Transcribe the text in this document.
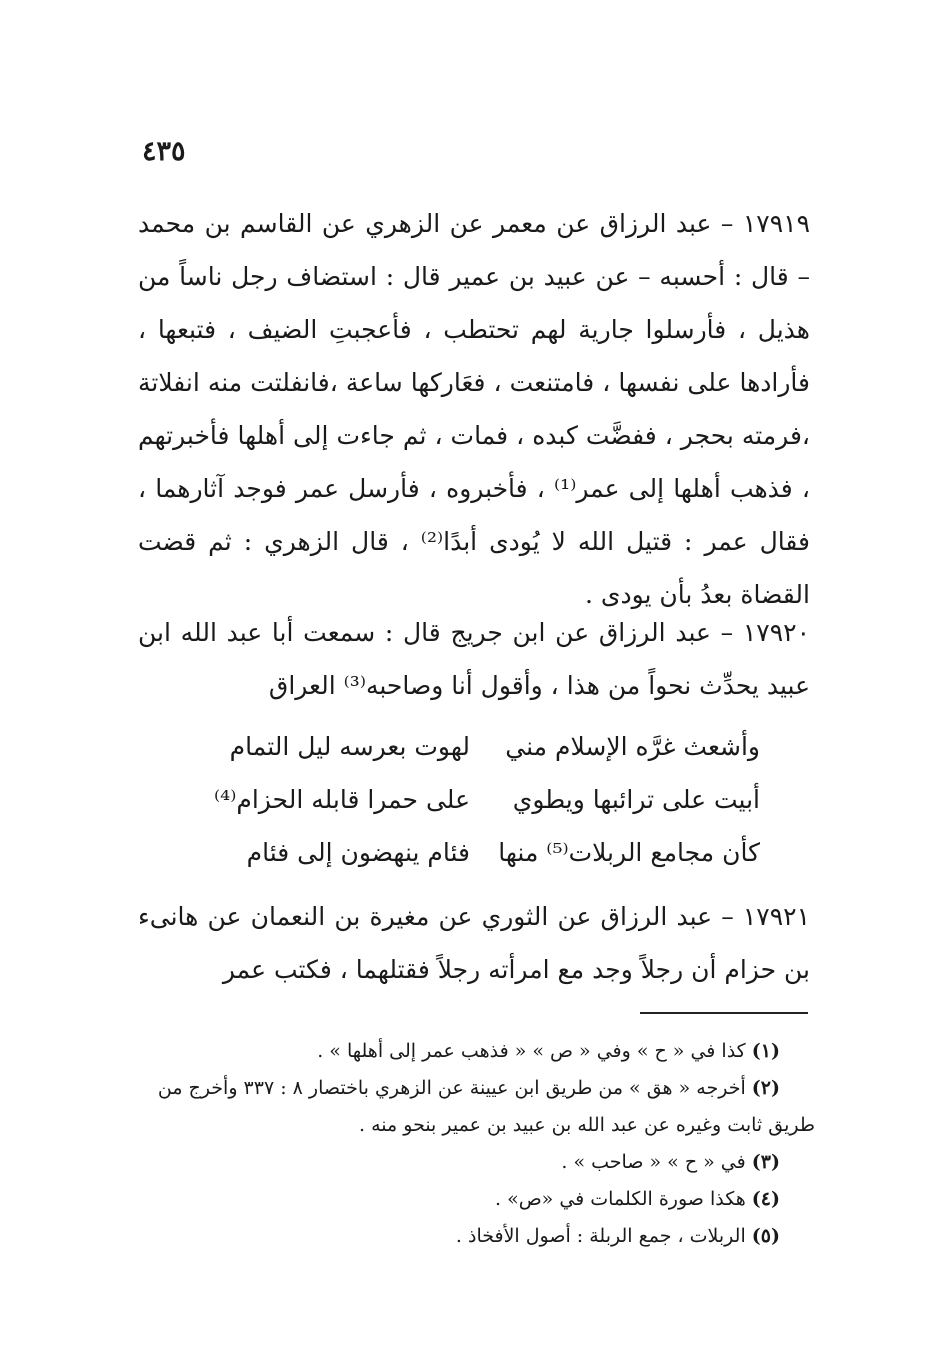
٤٣٥

١٧٩١٩ – عبد الرزاق عن معمر عن الزهري عن القاسم بن محمد – قال : أحسبه – عن عبيد بن عمير قال : استضاف رجل ناساً من هذيل ، فأرسلوا جارية لهم تحتطب ، فأعجبتِ الضيف ، فتبعها ، فأرادها على نفسها ، فامتنعت ، فعَاركها ساعة ،فانفلتت منه انفلاتة ،فرمته بحجر ، ففضَّت كبده ، فمات ، ثم جاءت إلى أهلها فأخبرتهم ، فذهب أهلها إلى عمر⁽¹⁾ ، فأخبروه ، فأرسل عمر فوجد آثارهما ، فقال عمر : قتيل الله لا يُودى أبدًا⁽²⁾ ، قال الزهري : ثم قضت القضاة بعدُ بأن يودى .

١٧٩٢٠ – عبد الرزاق عن ابن جريج قال : سمعت أبا عبد الله ابن عبيد يحدِّث نحواً من هذا ، وأقول أنا وصاحبه⁽³⁾ العراق

وأشعث غرَّه الإسلام مني
لهوت بعرسه ليل التمام
أبيت على ترائبها ويطوي
على حمرا قابله الحزام⁽⁴⁾
كأن مجامع الربلات⁽⁵⁾ منها
فئام ينهضون إلى فئام

١٧٩٢١ – عبد الرزاق عن الثوري عن مغيرة بن النعمان عن هانىء بن حزام أن رجلاً وجد مع امرأته رجلاً فقتلهما ، فكتب عمر

(١) كذا في « ح » وفي « ص » « فذهب عمر إلى أهلها » .

(٢) أخرجه « هق » من طريق ابن عيينة عن الزهري باختصار ٨ : ٣٣٧ وأخرج من طريق ثابت وغيره عن عبد الله بن عبيد بن عمير بنحو منه .

(٣) في « ح » « صاحب » .

(٤) هكذا صورة الكلمات في «ص» .

(٥) الربلات ، جمع الربلة : أصول الأفخاذ .
